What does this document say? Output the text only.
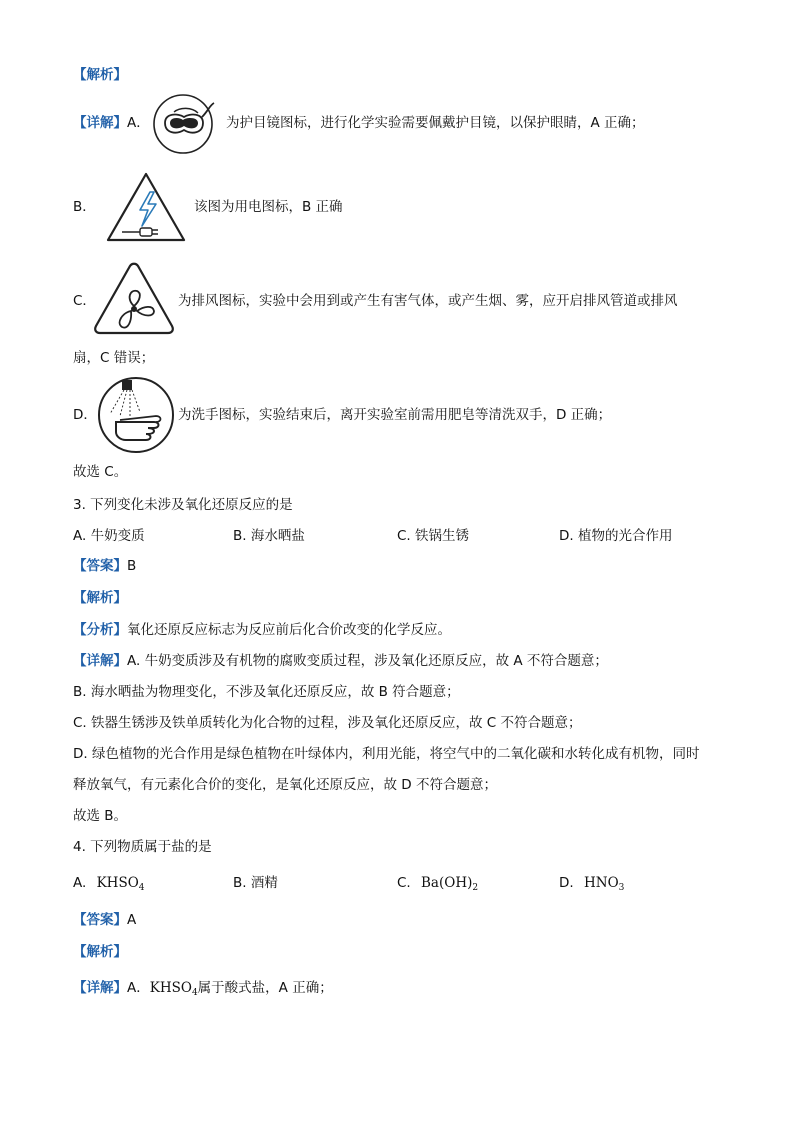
【解析】
【详解】A．	为护目镜图标，进行化学实验需要佩戴护目镜，以保护眼睛，A 正确；
B．	该图为用电图标，B 正确
C．	为排风图标，实验中会用到或产生有害气体，或产生烟、雾，应开启排风管道或排风
扇，C 错误；
D．	为洗手图标，实验结束后，离开实验室前需用肥皂等清洗双手，D 正确；
故选 C。
3. 下列变化未涉及氧化还原反应的是
A. 牛奶变质	B. 海水晒盐	C. 铁锅生锈	D. 植物的光合作用
【答案】B
【解析】
【分析】氧化还原反应标志为反应前后化合价改变的化学反应。
【详解】A. 牛奶变质涉及有机物的腐败变质过程，涉及氧化还原反应，故 A 不符合题意；
B. 海水晒盐为物理变化，不涉及氧化还原反应，故 B 符合题意；
C. 铁器生锈涉及铁单质转化为化合物的过程，涉及氧化还原反应，故 C 不符合题意；
D. 绿色植物的光合作用是绿色植物在叶绿体内，利用光能，将空气中的二氧化碳和水转化成有机物，同时
释放氧气，有元素化合价的变化，是氧化还原反应，故 D 不符合题意；
故选 B。
4. 下列物质属于盐的是
A. $KHSO_4$	B. 酒精	C. $Ba(OH)_2$	D. $HNO_3$
【答案】A
【解析】
【详解】A．$KHSO_4$属于酸式盐，A 正确；
